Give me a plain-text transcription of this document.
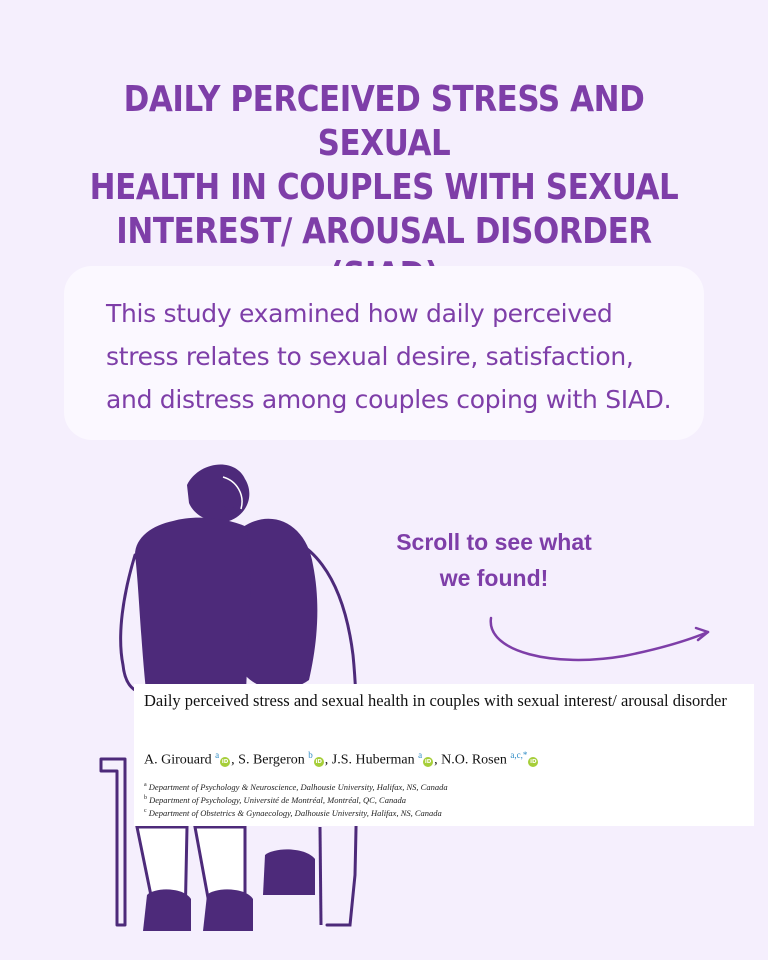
DAILY PERCEIVED STRESS AND SEXUAL
HEALTH IN COUPLES WITH SEXUAL
INTEREST/ AROUSAL DISORDER
This study examined how daily perceived
stress relates to sexual desire, satisfaction,
and distress among couples coping with SIAD.
Scroll to see what
we found!
Daily perceived stress and sexual health in couples with sexual interest/ arousal disorder
A. Girouard $^a$iD , S. Bergeron $^b$iD , J.S. Huberman $^a$iD , N.O. Rosen $^{a,c,*}$iD
$^a$ Department of Psychology & Neuroscience, Dalhousie University, Halifax, NS, Canada
$^b$ Department of Psychology, Université de Montréal, Montréal, QC, Canada
$^c$ Department of Obstetrics & Gynaecology, Dalhousie University, Halifax, NS, Canada
